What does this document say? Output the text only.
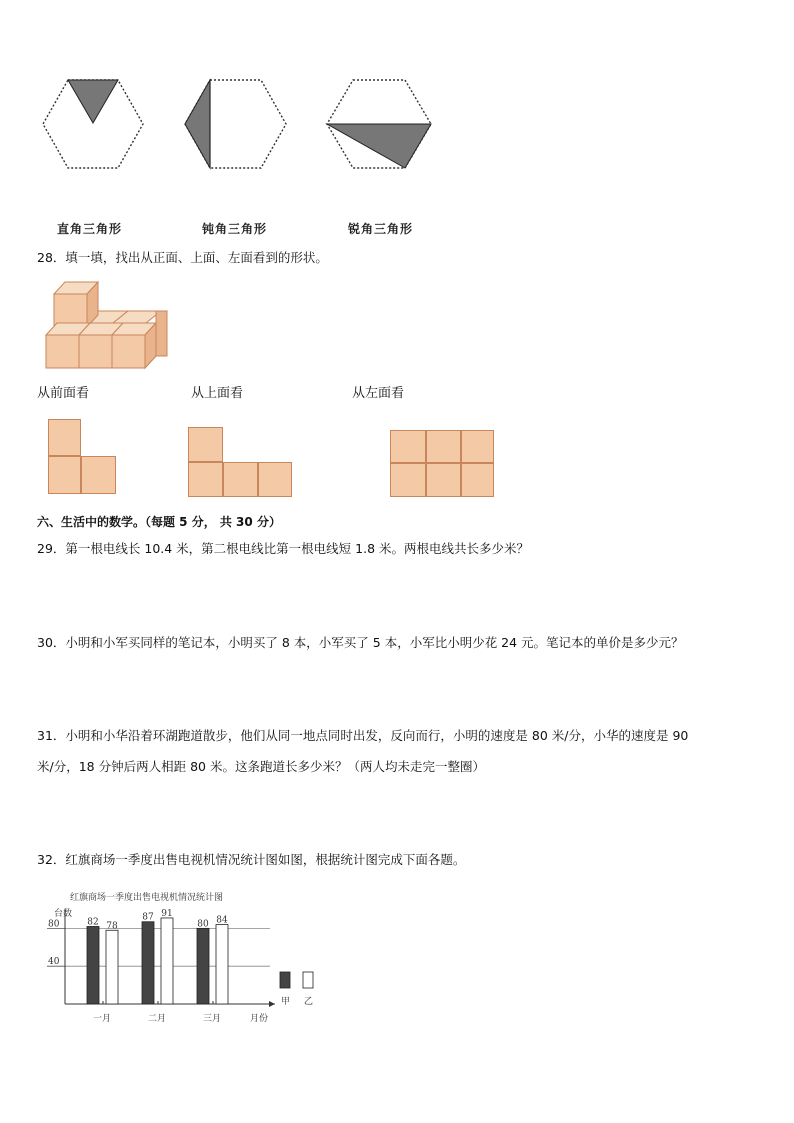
直角三角形	钝角三角形	锐角三角形
28．填一填，找出从正面、上面、左面看到的形状。
从前面看	从上面看	从左面看
六、生活中的数学。（每题 5 分， 共 30 分）
29．第一根电线长 10.4 米，第二根电线比第一根电线短 1.8 米。两根电线共长多少米？
30．小明和小军买同样的笔记本，小明买了 8 本，小军买了 5 本，小军比小明少花 24 元。笔记本的单价是多少元？
31．小明和小华沿着环湖跑道散步，他们从同一地点同时出发，反向而行，小明的速度是 80 米/分，小华的速度是 90
米/分，18 分钟后两人相距 80 米。这条跑道长多少米？（两人均未走完一整圈）
32．红旗商场一季度出售电视机情况统计图如图，根据统计图完成下面各题。
红旗商场一季度出售电视机情况统计图
台数
40
80
月份
82 78
一月
87 91
二月
80 84
三月
甲 乙
